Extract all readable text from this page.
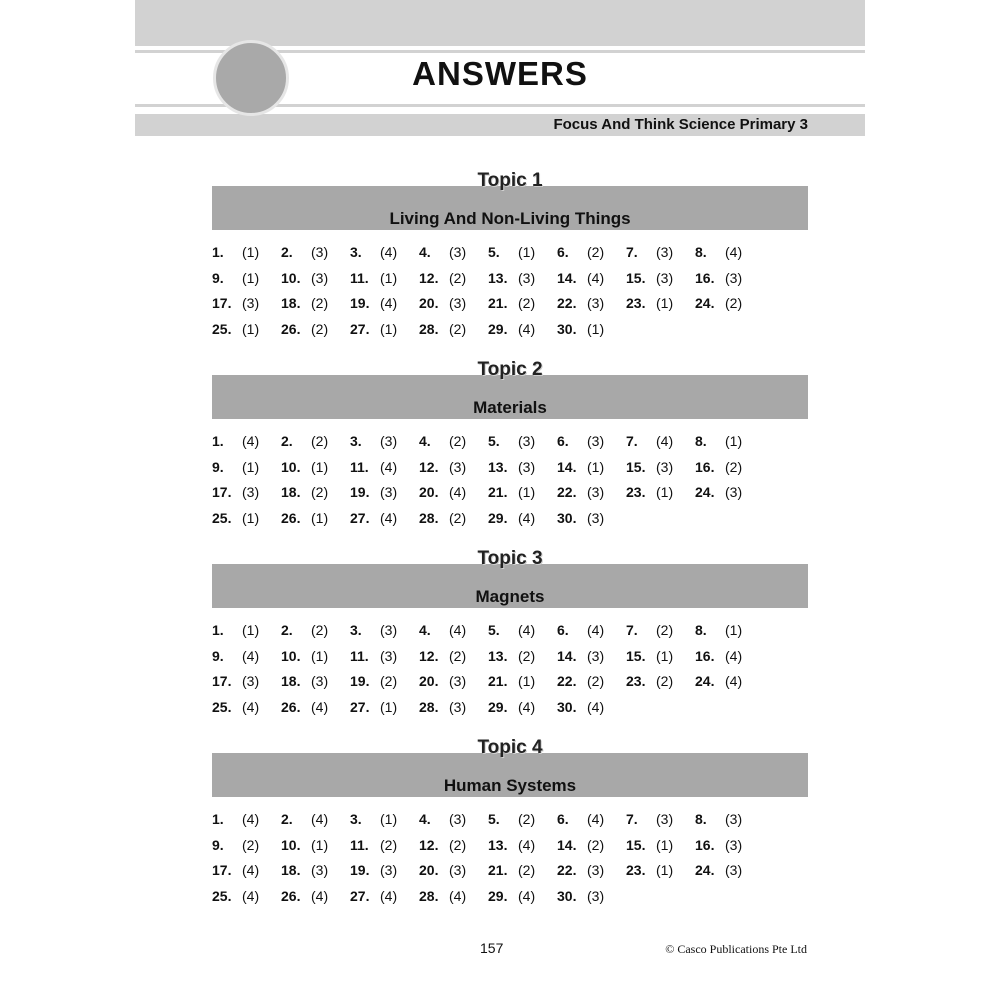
ANSWERS
Focus And Think Science Primary 3
Topic 1
Living And Non-Living Things
1. (1) 2. (3) 3. (4) 4. (3) 5. (1) 6. (2) 7. (3) 8. (4)
9. (1) 10. (3) 11. (1) 12. (2) 13. (3) 14. (4) 15. (3) 16. (3)
17. (3) 18. (2) 19. (4) 20. (3) 21. (2) 22. (3) 23. (1) 24. (2)
25. (1) 26. (2) 27. (1) 28. (2) 29. (4) 30. (1)
Topic 2
Materials
1. (4) 2. (2) 3. (3) 4. (2) 5. (3) 6. (3) 7. (4) 8. (1)
9. (1) 10. (1) 11. (4) 12. (3) 13. (3) 14. (1) 15. (3) 16. (2)
17. (3) 18. (2) 19. (3) 20. (4) 21. (1) 22. (3) 23. (1) 24. (3)
25. (1) 26. (1) 27. (4) 28. (2) 29. (4) 30. (3)
Topic 3
Magnets
1. (1) 2. (2) 3. (3) 4. (4) 5. (4) 6. (4) 7. (2) 8. (1)
9. (4) 10. (1) 11. (3) 12. (2) 13. (2) 14. (3) 15. (1) 16. (4)
17. (3) 18. (3) 19. (2) 20. (3) 21. (1) 22. (2) 23. (2) 24. (4)
25. (4) 26. (4) 27. (1) 28. (3) 29. (4) 30. (4)
Topic 4
Human Systems
1. (4) 2. (4) 3. (1) 4. (3) 5. (2) 6. (4) 7. (3) 8. (3)
9. (2) 10. (1) 11. (2) 12. (2) 13. (4) 14. (2) 15. (1) 16. (3)
17. (4) 18. (3) 19. (3) 20. (3) 21. (2) 22. (3) 23. (1) 24. (3)
25. (4) 26. (4) 27. (4) 28. (4) 29. (4) 30. (3)
157	© Casco Publications Pte Ltd
